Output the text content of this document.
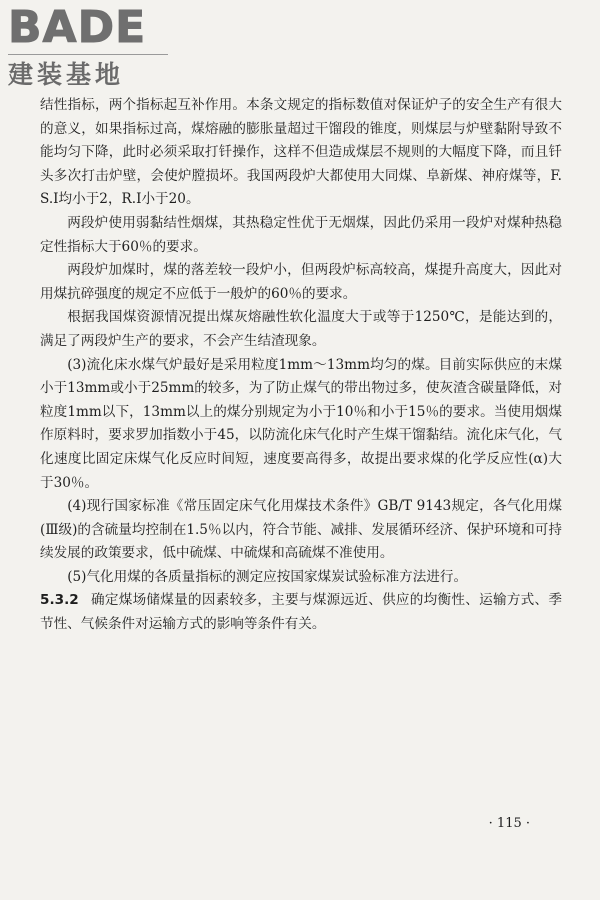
BADE
建装基地

结性指标，两个指标起互补作用。本条文规定的指标数值对保证炉子的安全生产有很大的意义，如果指标过高，煤熔融的膨胀量超过干馏段的锥度，则煤层与炉壁黏附导致不能均匀下降，此时必须采取打钎操作，这样不但造成煤层不规则的大幅度下降，而且钎头多次打击炉壁，会使炉膛损坏。我国两段炉大都使用大同煤、阜新煤、神府煤等，F.S.I均小于2，R.I小于20。

两段炉使用弱黏结性烟煤，其热稳定性优于无烟煤，因此仍采用一段炉对煤种热稳定性指标大于60％的要求。

两段炉加煤时，煤的落差较一段炉小，但两段炉标高较高，煤提升高度大，因此对用煤抗碎强度的规定不应低于一般炉的60％的要求。

根据我国煤资源情况提出煤灰熔融性软化温度大于或等于1250℃，是能达到的，满足了两段炉生产的要求，不会产生结渣现象。

(3)流化床水煤气炉最好是采用粒度1mm～13mm均匀的煤。目前实际供应的末煤小于13mm或小于25mm的较多，为了防止煤气的带出物过多，使灰渣含碳量降低，对粒度1mm以下，13mm以上的煤分别规定为小于10％和小于15％的要求。当使用烟煤作原料时，要求罗加指数小于45，以防流化床气化时产生煤干馏黏结。流化床气化，气化速度比固定床煤气化反应时间短，速度要高得多，故提出要求煤的化学反应性(α)大于30％。

(4)现行国家标准《常压固定床气化用煤技术条件》GB/T 9143规定，各气化用煤(Ⅲ级)的含硫量均控制在1.5％以内，符合节能、减排、发展循环经济、保护环境和可持续发展的政策要求，低中硫煤、中硫煤和高硫煤不准使用。

(5)气化用煤的各质量指标的测定应按国家煤炭试验标准方法进行。

5.3.2 确定煤场储煤量的因素较多，主要与煤源远近、供应的均衡性、运输方式、季节性、气候条件对运输方式的影响等条件有关。

· 115 ·
